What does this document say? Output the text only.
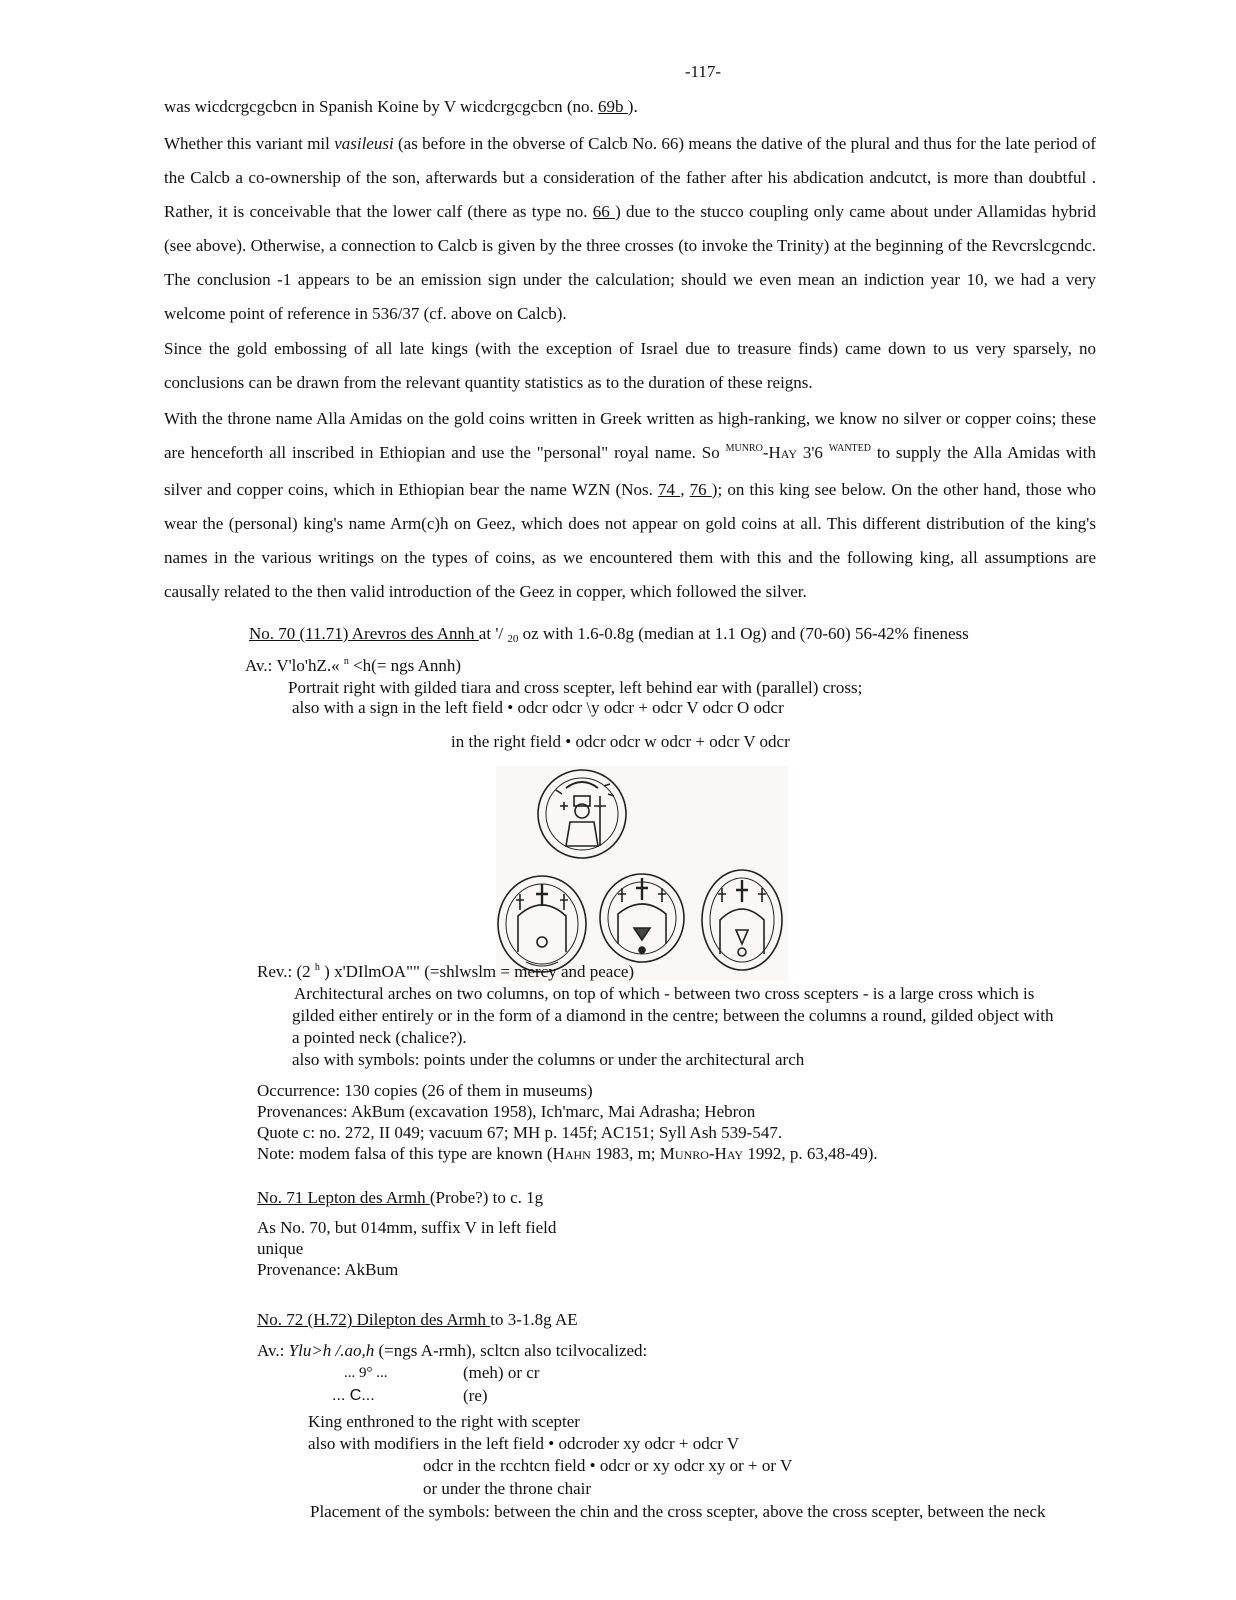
-117-
was wicdcrgcgcbcn in Spanish Koine by V wicdcrgcgcbcn (no. 69b ).
Whether this variant mil vasileusi (as before in the obverse of Calcb No. 66) means the dative of the plural and thus for the late period of the Calcb a co-ownership of the son, afterwards but a consideration of the father after his abdication andcutct, is more than doubtful . Rather, it is conceivable that the lower calf (there as type no. 66 ) due to the stucco coupling only came about under Allamidas hybrid (see above). Otherwise, a connection to Calcb is given by the three crosses (to invoke the Trinity) at the beginning of the Revcrslcgcndc. The conclusion -1 appears to be an emission sign under the calculation; should we even mean an indiction year 10, we had a very welcome point of reference in 536/37 (cf. above on Calcb).
Since the gold embossing of all late kings (with the exception of Israel due to treasure finds) came down to us very sparsely, no conclusions can be drawn from the relevant quantity statistics as to the duration of these reigns.
With the throne name Alla Amidas on the gold coins written in Greek written as high-ranking, we know no silver or copper coins; these are henceforth all inscribed in Ethiopian and use the "personal" royal name. So $^{MUNRO}$-Hay 3'6 $^{WANTED}$ to supply the Alla Amidas with silver and copper coins, which in Ethiopian bear the name WZN (Nos. 74 , 76 ); on this king see below. On the other hand, those who wear the (personal) king's name Arm(c)h on Geez, which does not appear on gold coins at all. This different distribution of the king's names in the various writings on the types of coins, as we encountered them with this and the following king, all assumptions are causally related to the then valid introduction of the Geez in copper, which followed the silver.
No. 70 (11.71) Arevros des Annh at '/ 20 oz with 1.6-0.8g (median at 1.1 Og) and (70-60) 56-42% fineness
Av.: V'lo'hZ.« $^n$ <h(= ngs Annh)
Portrait right with gilded tiara and cross scepter, left behind ear with (parallel) cross;
also with a sign in the left field • odcr odcr \y odcr + odcr V odcr O odcr
in the right field • odcr odcr w odcr + odcr V odcr
Rev.: (2 $^h$ ) x'DIlmOA"" (=shlwslm = mercy and peace)
Architectural arches on two columns, on top of which - between two cross scepters - is a large cross which is
gilded either entirely or in the form of a diamond in the centre; between the columns a round, gilded object with
a pointed neck (chalice?).
also with symbols: points under the columns or under the architectural arch
Occurrence: 130 copies (26 of them in museums)
Provenances: AkBum (excavation 1958), Ich'marc, Mai Adrasha; Hebron
Quote c: no. 272, II 049; vacuum 67; MH p. 145f; AC151; Syll Ash 539-547.
Note: modem falsa of this type are known (Hahn 1983, m; Munro-Hay 1992, p. 63,48-49).
No. 71 Lepton des Armh (Probe?) to c. 1g
As No. 70, but 014mm, suffix V in left field
unique
Provenance: AkBum
No. 72 (H.72) Dilepton des Armh to 3-1.8g AE
Av.: Ylu>h /.ao,h (=ngs A-rmh), scltcn also tcilvocalized:
... 9° ...	(meh) or cr
... C...	(re)
King enthroned to the right with scepter
also with modifiers in the left field • odcroder xy odcr + odcr V
odcr in the rcchtcn field • odcr or xy odcr xy or + or V
or under the throne chair
Placement of the symbols: between the chin and the cross scepter, above the cross scepter, between the neck
